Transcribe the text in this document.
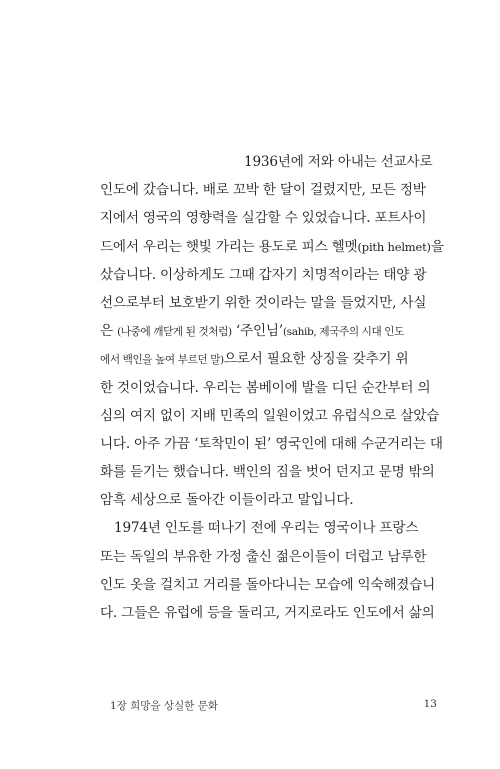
1936년에 저와 아내는 선교사로
인도에 갔습니다. 배로 꼬박 한 달이 걸렸지만, 모든 정박
지에서 영국의 영향력을 실감할 수 있었습니다. 포트사이
드에서 우리는 햇빛 가리는 용도로 피스 헬멧(pith helmet)을
샀습니다. 이상하게도 그때 갑자기 치명적이라는 태양 광
선으로부터 보호받기 위한 것이라는 말을 들었지만, 사실
은 (나중에 깨닫게 된 것처럼) ‘주인님’(sahib, 제국주의 시대 인도
에서 백인을 높여 부르던 말)으로서 필요한 상징을 갖추기 위
한 것이었습니다. 우리는 봄베이에 발을 디딘 순간부터 의
심의 여지 없이 지배 민족의 일원이었고 유럽식으로 살았습
니다. 아주 가끔 ‘토착민이 된’ 영국인에 대해 수군거리는 대
화를 듣기는 했습니다. 백인의 짐을 벗어 던지고 문명 밖의
암흑 세상으로 돌아간 이들이라고 말입니다.
1974년 인도를 떠나기 전에 우리는 영국이나 프랑스
또는 독일의 부유한 가정 출신 젊은이들이 더럽고 남루한
인도 옷을 걸치고 거리를 돌아다니는 모습에 익숙해졌습니
다. 그들은 유럽에 등을 돌리고, 거지로라도 인도에서 삶의
1장 희망을 상실한 문화	13
